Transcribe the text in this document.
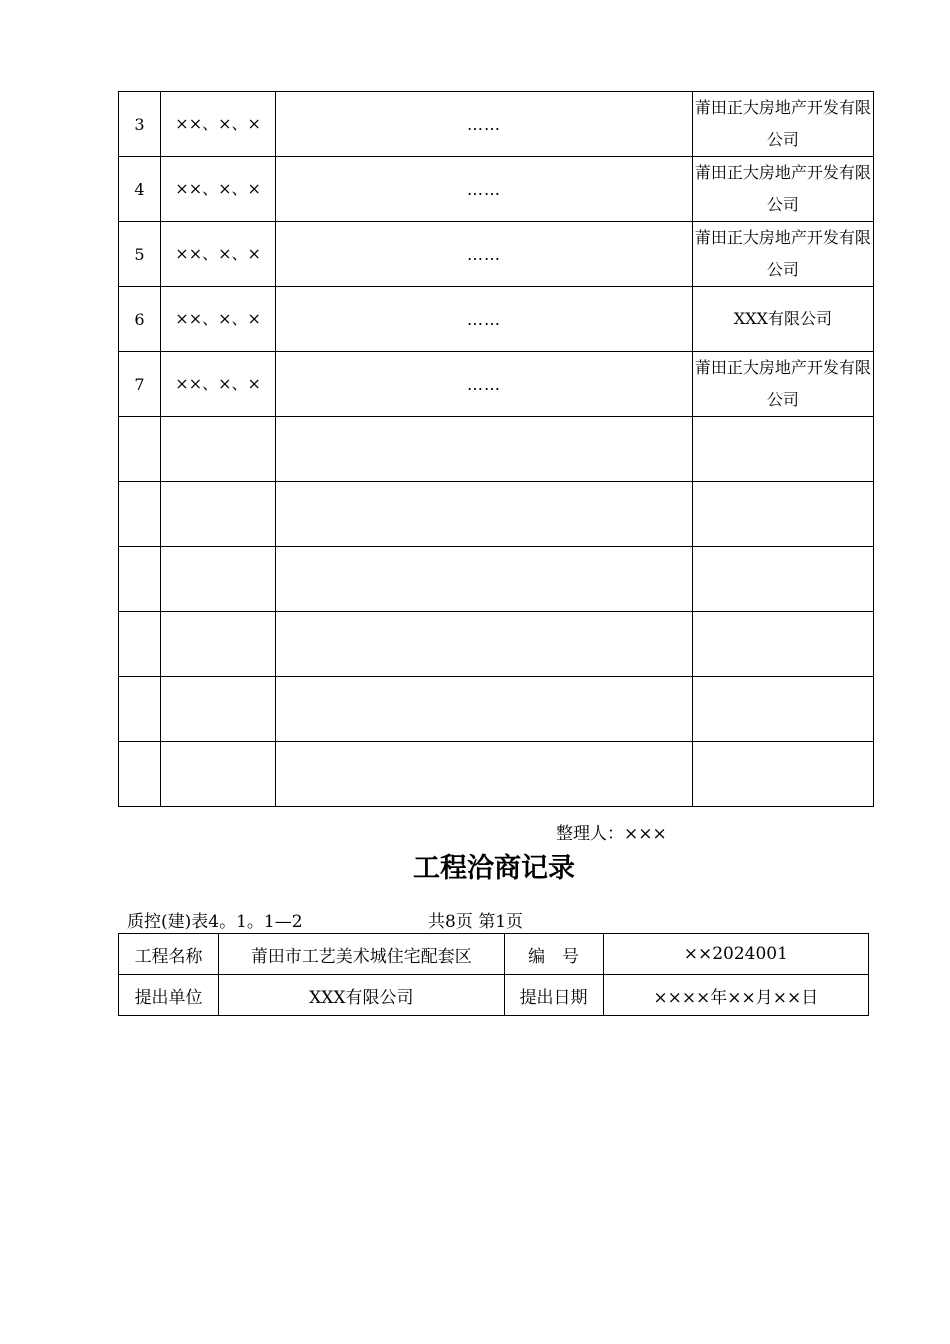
3	××、×、×	……	莆田正大房地产开发有限公司
4	××、×、×	……	莆田正大房地产开发有限公司
5	××、×、×	……	莆田正大房地产开发有限公司
6	××、×、×	……	XXX有限公司
7	××、×、×	……	莆田正大房地产开发有限公司

整理人：×××
工程洽商记录
质控(建)表4。1。1—2	共8页 第1页
工程名称	莆田市工艺美术城住宅配套区	编　号	××2024001
提出单位	XXX有限公司	提出日期	××××年××月××日
